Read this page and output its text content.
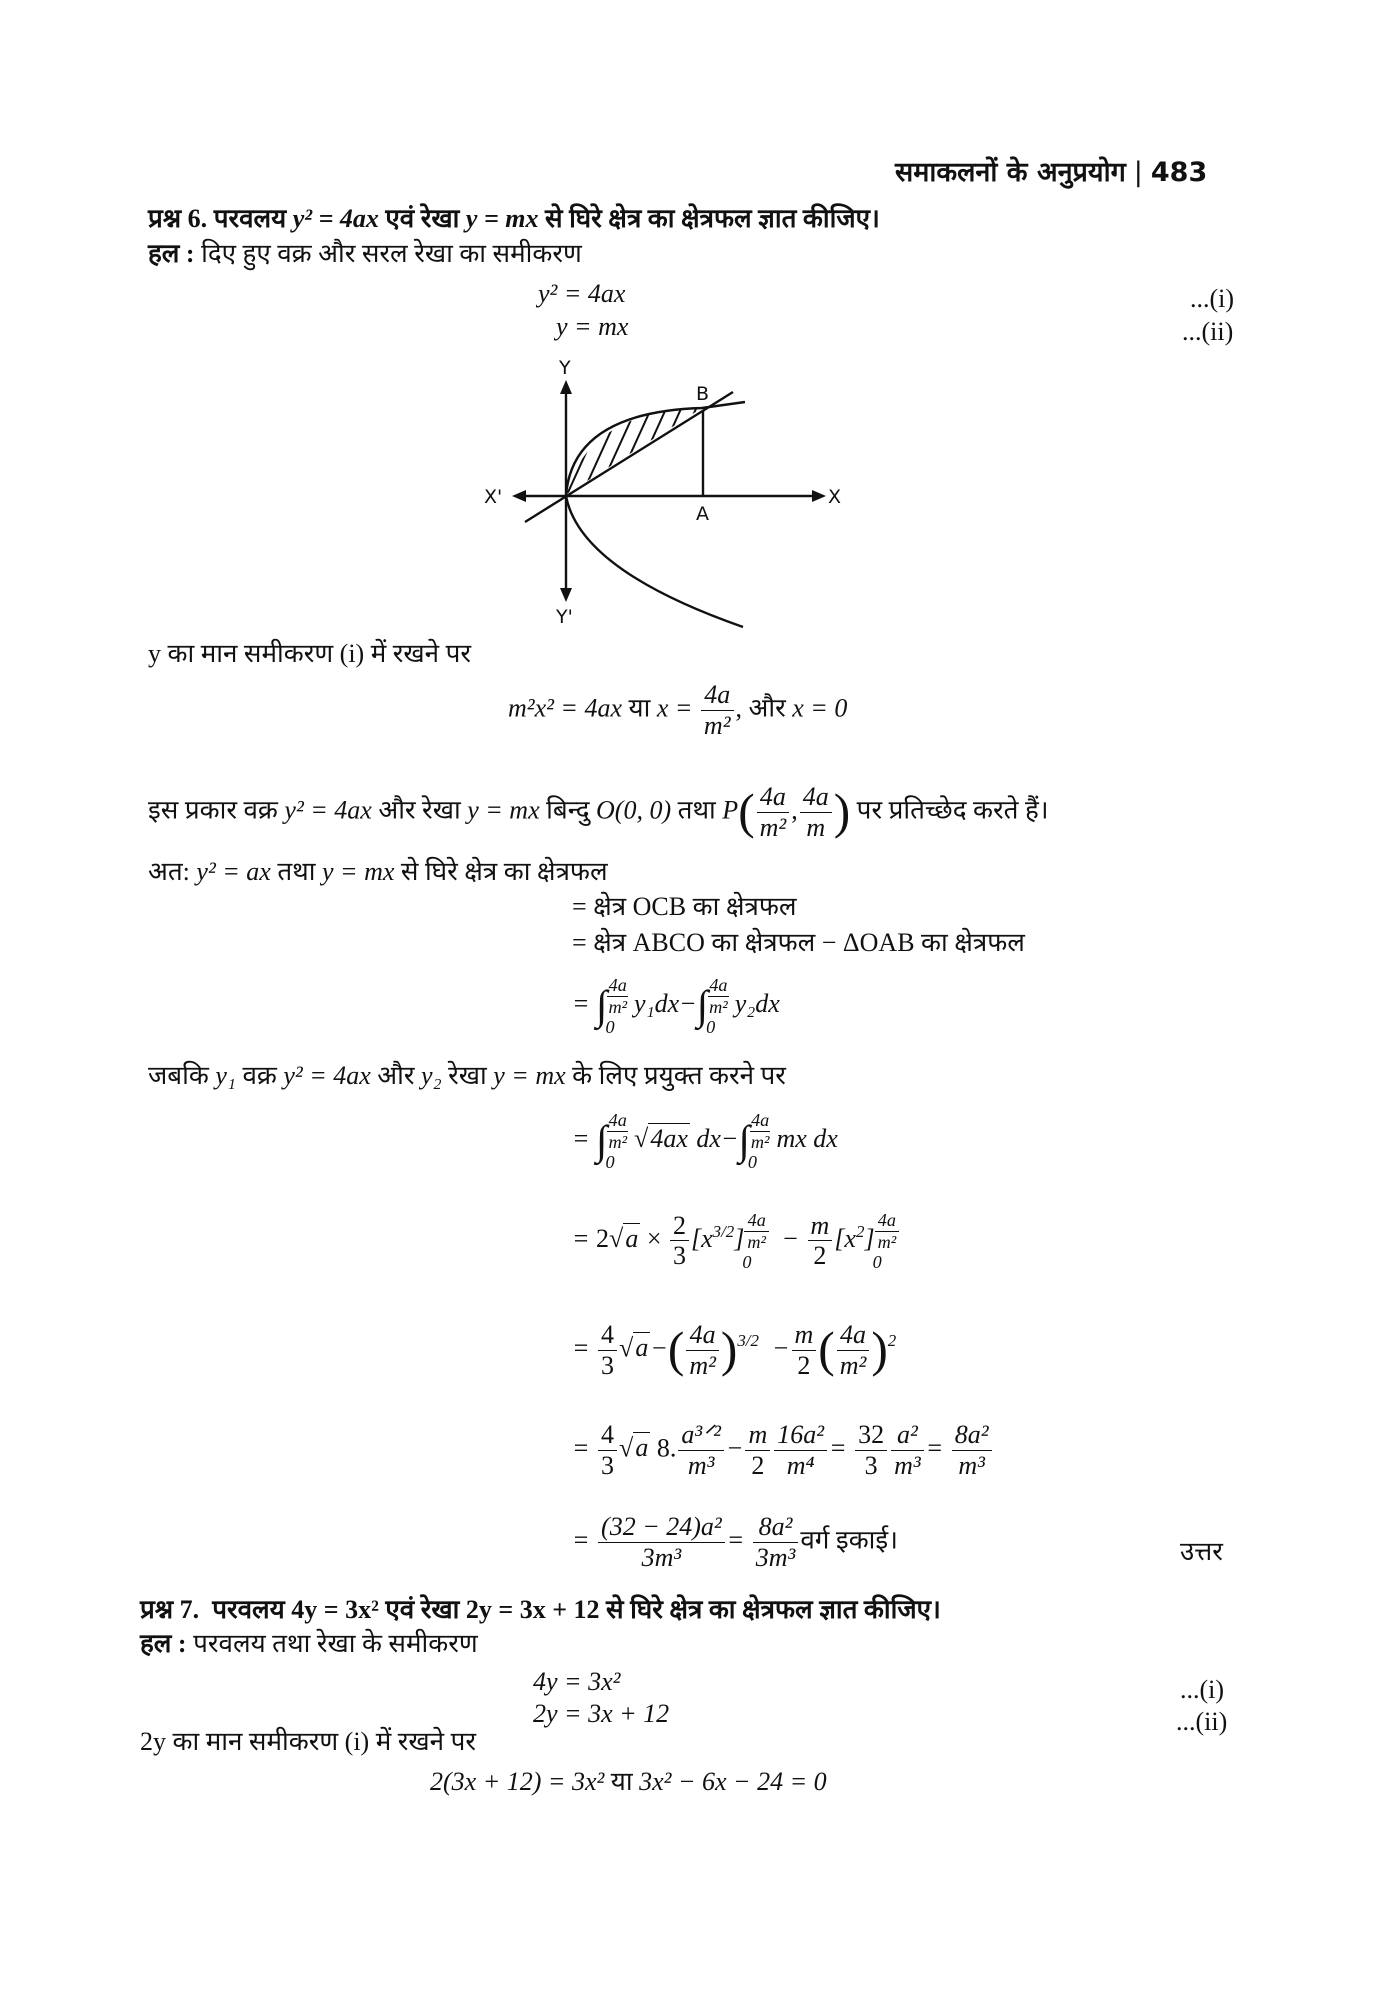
समाकलनों के अनुप्रयोग | 483
प्रश्न 6. परवलय y² = 4ax एवं रेखा y = mx से घिरे क्षेत्र का क्षेत्रफल ज्ञात कीजिए।
हल : दिए हुए वक्र और सरल रेखा का समीकरण
y² = 4ax	...(i)
y = mx	...(ii)
Y
Y'
X
X'
A
B
y का मान समीकरण (i) में रखने पर
m²x² = 4ax या $x = \frac{4a}{\text{m²}}$ , और x = 0
इस प्रकार वक्र y² = 4ax और रेखा y = mx बिन्दु O(0, 0) तथा $P( \frac{4a}{\text{m²}}$ , $\frac{4a}{m}$ ) पर प्रतिच्छेद करते हैं।
अत: y² = ax तथा y = mx से घिरे क्षेत्र का क्षेत्रफल
= क्षेत्र OCB का क्षेत्रफल
= क्षेत्र ABCO का क्षेत्रफल − ΔOAB का क्षेत्रफल
= ∫ $\frac{4a}{\text{m²}}$

$0y_1dx-\int \frac{4a}{\text{m²}}$

0y₂dx
जबकि y₁ वक्र y² = 4ax और y₂ रेखा y = mx के लिए प्रयुक्त करने पर
= ∫ $\frac{4a}{\text{m²}}$

0√4ax $dx-\int \frac{4a}{\text{m²}}$

0mx dx
= $2√a \times \frac{2}{3} [x^{3/2}] \frac{4a}{\text{m²}}$

$0 - \frac{m}{2} [x^2] \frac{4a}{\text{m²}}$

0
= $\frac{4}{3} √a-( \frac{4a}{\text{m²}} )^{3/2} - \frac{m}{2}$ ( $\frac{4a}{\text{m²}} )^2$
= $\frac{4}{3} √a$ 8. $\frac{\text{a³ᐟ²}}{\text{m³}} - \frac{m}{2} \frac{\text{16a²}}{\text{m⁴}} = \frac{32}{3} \frac{\text{a²}}{\text{m³}} = \frac{\text{8a²}}{\text{m³}}$
= $\frac{\text{(32 − 24)a²}}{\text{3m³}} = \frac{\text{8a²}}{\text{3m³}}$ वर्ग इकाई।	उत्तर
प्रश्न 7. परवलय 4y = 3x² एवं रेखा 2y = 3x + 12 से घिरे क्षेत्र का क्षेत्रफल ज्ञात कीजिए।
हल : परवलय तथा रेखा के समीकरण
4y = 3x²	...(i)
2y = 3x + 12	...(ii)
2y का मान समीकरण (i) में रखने पर
2(3x + 12) = 3x² या 3x² − 6x − 24 = 0
